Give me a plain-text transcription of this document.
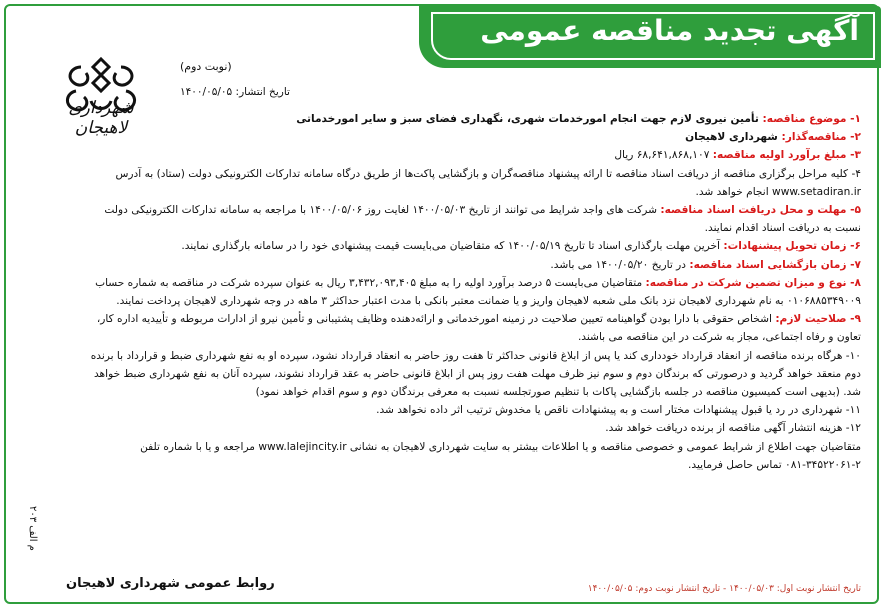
آگهی تجدید مناقصه عمومی
شهرداری لاهیجان
(نوبت دوم)
تاریخ انتشار: ۱۴۰۰/۰۵/۰۵

۱- موضوع مناقصه: تأمین نیروی لازم جهت انجام امورخدمات شهری، نگهداری فضای سبز و سایر امورخدماتی

۲- مناقصه‌گذار: شهرداری لاهیجان

۳- مبلغ برآورد اولیه مناقصه: ۶۸,۶۴۱,۸۶۸,۱۰۷ ریال

۴- کلیه مراحل برگزاری مناقصه از دریافت اسناد مناقصه تا ارائه پیشنهاد مناقصه‌گران و بازگشایی پاکت‌ها از طریق درگاه سامانه تدارکات الکترونیکی دولت (ستاد) به آدرس www.setadiran.ir انجام خواهد شد.

۵- مهلت و محل دریافت اسناد مناقصه: شرکت های واجد شرایط می توانند از تاریخ ۱۴۰۰/۰۵/۰۳ لغایت روز ۱۴۰۰/۰۵/۰۶ با مراجعه به سامانه تدارکات الکترونیکی دولت نسبت به دریافت اسناد اقدام نمایند.

۶- زمان تحویل پیشنهادات: آخرین مهلت بارگذاری اسناد تا تاریخ ۱۴۰۰/۰۵/۱۹ که متقاضیان می‌بایست قیمت پیشنهادی خود را در سامانه بارگذاری نمایند.

۷- زمان بازگشایی اسناد مناقصه: در تاریخ ۱۴۰۰/۰۵/۲۰ می باشد.

۸- نوع و میزان تضمین شرکت در مناقصه: متقاضیان می‌بایست ۵ درصد برآورد اولیه را به مبلغ ۳,۴۳۲,۰۹۳,۴۰۵ ریال به عنوان سپرده شرکت در مناقصه به شماره حساب ۰۱۰۶۸۸۵۳۴۹۰۰۹ به نام شهرداری لاهیجان نزد بانک ملی شعبه لاهیجان واریز و یا ضمانت معتبر بانکی با مدت اعتبار حداکثر ۳ ماهه در وجه شهرداری لاهیجان پرداخت نمایند.

۹- صلاحیت لازم: اشخاص حقوقی با دارا بودن گواهینامه تعیین صلاحیت در زمینه امورخدماتی و ارائه‌دهنده وظایف پشتیبانی و تأمین نیرو از ادارات مربوطه و تأییدیه اداره کار، تعاون و رفاه اجتماعی، مجاز به شرکت در این مناقصه می باشند.

۱۰- هرگاه برنده مناقصه از انعقاد قرارداد خودداری کند یا پس از ابلاغ قانونی حداکثر تا هفت روز حاضر به انعقاد قرارداد نشود، سپرده او به نفع شهرداری ضبط و قرارداد با برنده دوم منعقد خواهد گردید و درصورتی که برندگان دوم و سوم نیز ظرف مهلت هفت روز پس از ابلاغ قانونی حاضر به عقد قرارداد نشوند، سپرده آنان به نفع شهرداری ضبط خواهد شد. (بدیهی است کمیسیون مناقصه در جلسه بازگشایی پاکات با تنظیم صورتجلسه نسبت به معرفی برندگان دوم و سوم اقدام خواهد نمود)

۱۱- شهرداری در رد یا قبول پیشنهادات مختار است و به پیشنهادات ناقص یا مخدوش ترتیب اثر داده نخواهد شد.

۱۲- هزینه انتشار آگهی مناقصه از برنده دریافت خواهد شد.

متقاضیان جهت اطلاع از شرایط عمومی و خصوصی مناقصه و یا اطلاعات بیشتر به سایت شهرداری لاهیجان به نشانی www.lalejincity.ir مراجعه و یا با شماره تلفن ۲-۳۴۵۲۲۰۶۱-۰۸۱ تماس حاصل فرمایید.

م الف ۲۰۳
روابط عمومی شهرداری لاهیجان	تاریخ انتشار نوبت اول: ۱۴۰۰/۰۵/۰۳ - تاریخ انتشار نوبت دوم: ۱۴۰۰/۰۵/۰۵
